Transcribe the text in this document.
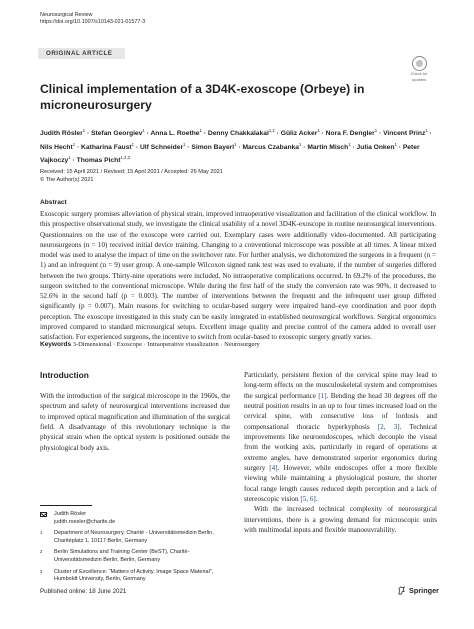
Neurosurgical Review
https://doi.org/10.1007/s10143-021-01577-3
ORIGINAL ARTICLE
Check for
updates
Clinical implementation of a 3D4K-exoscope (Orbeye) in microneurosurgery
Judith Rösler$^1$ · Stefan Georgiev$^1$ · Anna L. Roethe$^1$ · Denny Chakkalakal$^{1,2}$ · Güliz Acker$^1$ · Nora F. Dengler$^1$ · Vincent Prinz$^1$ · Nils Hecht$^1$ · Katharina Faust$^1$ · Ulf Schneider$^1$ · Simon Bayerl$^1$ · Marcus Czabanka$^1$ · Martin Misch$^1$ · Julia Onken$^1$ · Peter Vajkoczy$^1$ · Thomas Picht$^{1,2,3}$
Received: 15 April 2021 / Revised: 15 April 2021 / Accepted: 26 May 2021
© The Author(s) 2021
Abstract
Exoscopic surgery promises alleviation of physical strain, improved intraoperative visualization and facilitation of the clinical workflow. In this prospective observational study, we investigate the clinical usability of a novel 3D4K-exoscope in routine neurosurgical interventions. Questionnaires on the use of the exoscope were carried out. Exemplary cases were additionally video-documented. All participating neurosurgeons (n = 10) received initial device training. Changing to a conventional microscope was possible at all times. A linear mixed model was used to analyse the impact of time on the switchover rate. For further analysis, we dichotomized the surgeons in a frequent (n = 1) and an infrequent (n = 9) user group. A one-sample Wilcoxon signed rank test was used to evaluate, if the number of surgeries differed between the two groups. Thirty-nine operations were included. No intraoperative complications occurred. In 69.2% of the procedures, the surgeon switched to the conventional microscope. While during the first half of the study the conversion rate was 90%, it decreased to 52.6% in the second half (p = 0.003). The number of interventions between the frequent and the infrequent user group differed significantly (p = 0.007). Main reasons for switching to ocular-based surgery were impaired hand–eye coordination and poor depth perception. The exoscope investigated in this study can be easily integrated in established neurosurgical workflows. Surgical ergonomics improved compared to standard microsurgical setups. Excellent image quality and precise control of the camera added to overall user satisfaction. For experienced surgeons, the incentive to switch from ocular-based to exoscopic surgery greatly varies.
Keywords 3-Dimensional · Exoscope · Intraoperative visualization · Neurosurgery
Introduction
With the introduction of the surgical microscope in the 1960s, the spectrum and safety of neurosurgical interventions increased due to improved optical magnification and illumination of the surgical field. A disadvantage of this revolutionary technique is the physical strain when the optical system is positioned outside the physiological body axis.
Judith Rösler
judith.roesler@charite.de
1 Department of Neurosurgery, Charité - Universitätsmedizin Berlin, Charitéplatz 1, 10117 Berlin, Germany
2 Berlin Simulations and Training Center (BeST), Charité-Universitätsmedizin Berlin, Berlin, Germany
3 Cluster of Excellence: “Matters of Activity. Image Space Material”, Humboldt University, Berlin, Germany

Particularly, persistent flexion of the cervical spine may lead to long-term effects on the musculoskeletal system and compromises the surgical performance [1]. Bending the head 30 degrees off the neutral position results in an up to four times increased load on the cervical spine, with consecutive loss of lordosis and compensational thoracic hyperkyphosis [2, 3]. Technical improvements like neuroendoscopes, which decouple the visual from the working axis, particularly in regard of operations at extreme angles, have demonstrated superior ergonomics during surgery [4]. However, while endoscopes offer a more flexible viewing while maintaining a physiological posture, the shorter focal range length causes reduced depth perception and a lack of stereoscopic vision [5, 6].

With the increased technical complexity of neurosurgical interventions, there is a growing demand for microscopic units with multimodal inputs and flexible manoeuvrability.

Published online: 18 June 2021	Springer
